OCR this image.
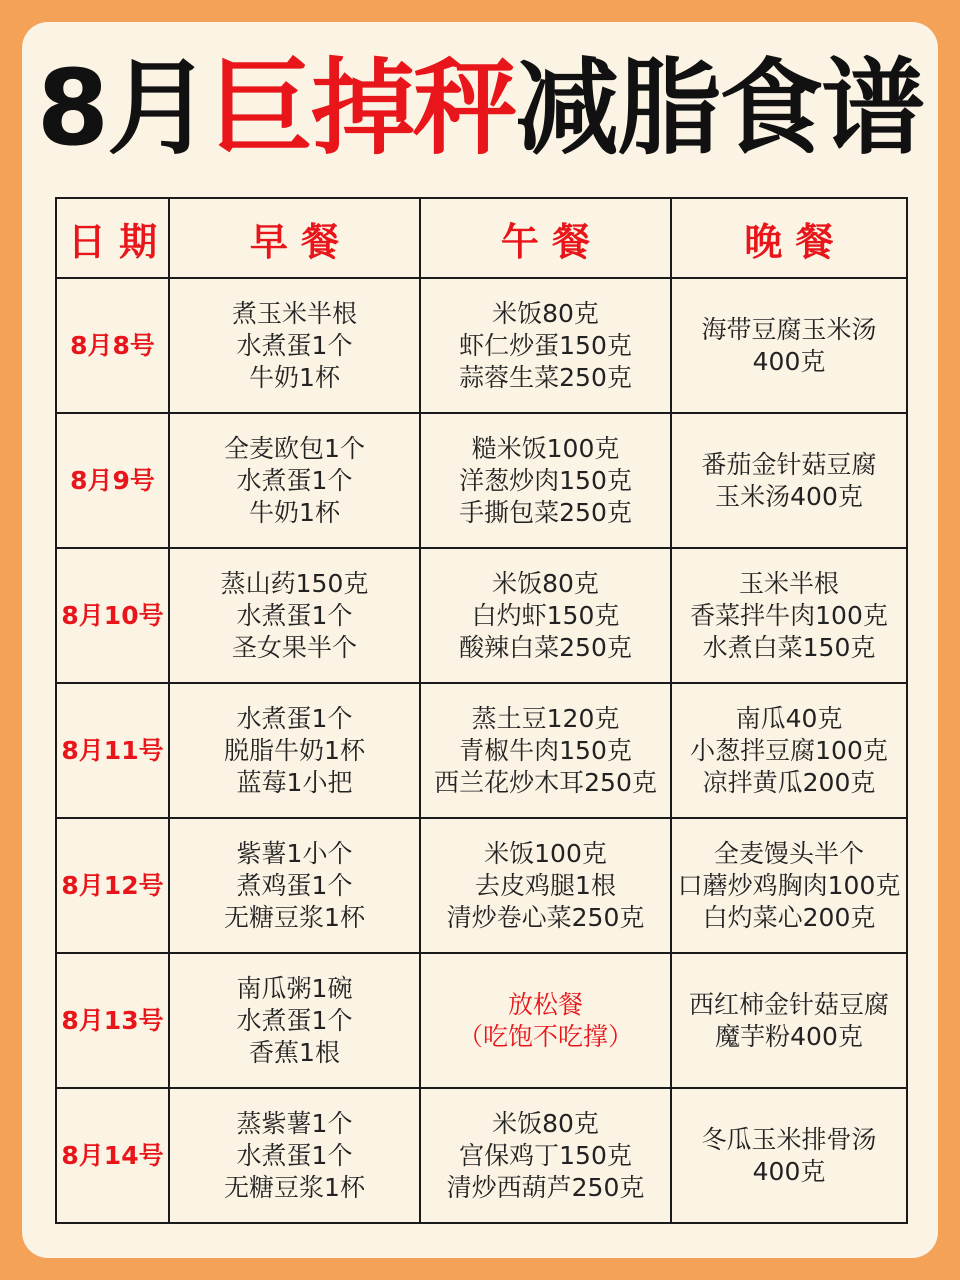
8月巨掉秤减脂食谱
日 期	早 餐	午 餐	晚 餐
8月8号	煮玉米半根
水煮蛋1个
牛奶1杯	米饭80克
虾仁炒蛋150克
蒜蓉生菜250克	海带豆腐玉米汤
400克

8月9号	全麦欧包1个
水煮蛋1个
牛奶1杯	糙米饭100克
洋葱炒肉150克
手撕包菜250克	番茄金针菇豆腐
玉米汤400克

8月10号	蒸山药150克
水煮蛋1个
圣女果半个	米饭80克
白灼虾150克
酸辣白菜250克	玉米半根
香菜拌牛肉100克
水煮白菜150克

8月11号	水煮蛋1个
脱脂牛奶1杯
蓝莓1小把	蒸土豆120克
青椒牛肉150克
西兰花炒木耳250克	南瓜40克
小葱拌豆腐100克
凉拌黄瓜200克

8月12号	紫薯1小个
煮鸡蛋1个
无糖豆浆1杯	米饭100克
去皮鸡腿1根
清炒卷心菜250克	全麦馒头半个
口蘑炒鸡胸肉100克
白灼菜心200克

8月13号	南瓜粥1碗
水煮蛋1个
香蕉1根	放松餐
（吃饱不吃撑）	西红柿金针菇豆腐
魔芋粉400克

8月14号	蒸紫薯1个
水煮蛋1个
无糖豆浆1杯	米饭80克
宫保鸡丁150克
清炒西葫芦250克	冬瓜玉米排骨汤
400克
